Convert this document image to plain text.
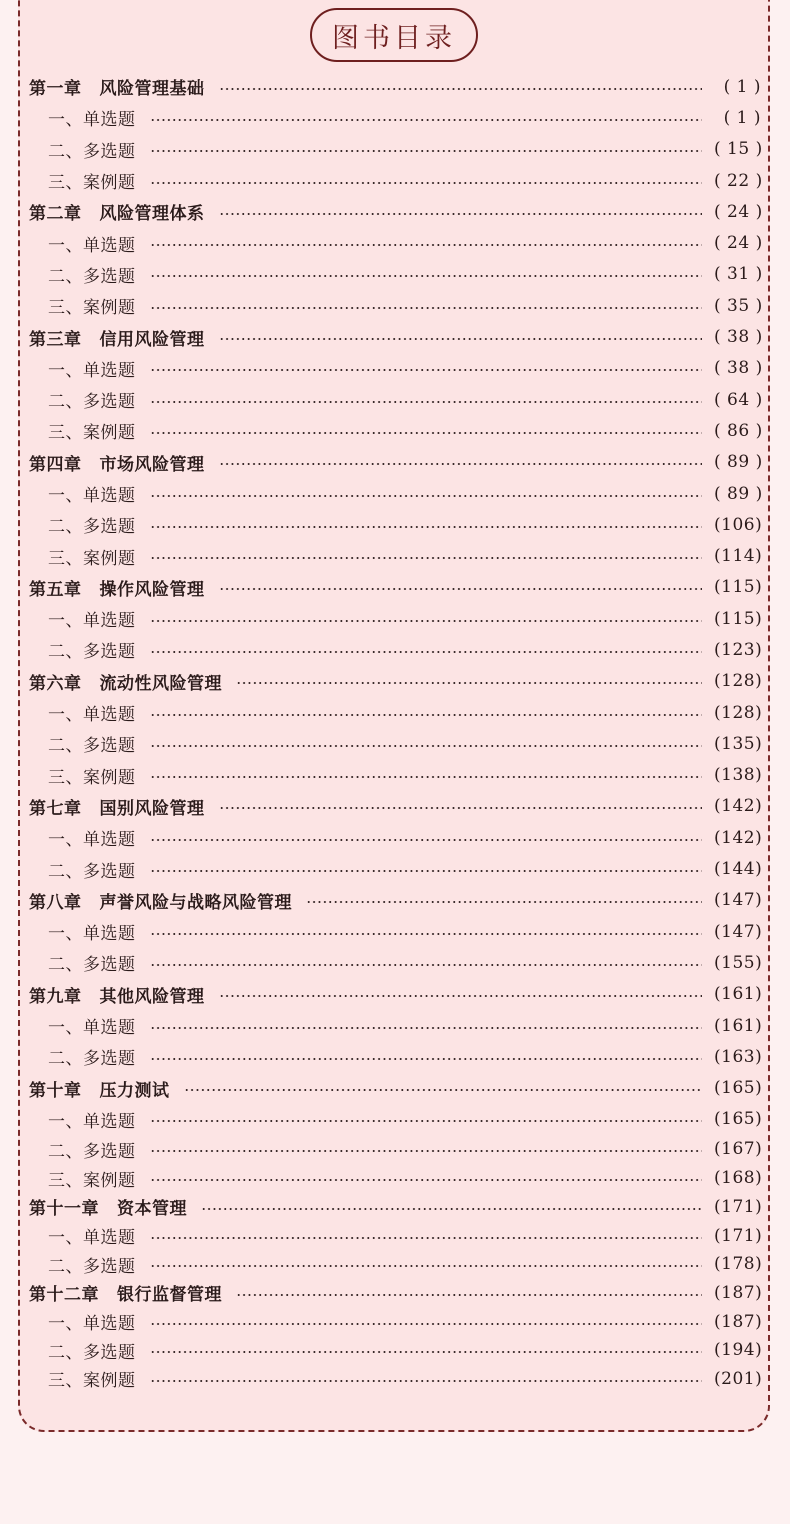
图书目录
第一章 风险管理基础	( 1 )
一、单选题	( 1 )
二、多选题	( 15 )
三、案例题	( 22 )
第二章 风险管理体系	( 24 )
一、单选题	( 24 )
二、多选题	( 31 )
三、案例题	( 35 )
第三章 信用风险管理	( 38 )
一、单选题	( 38 )
二、多选题	( 64 )
三、案例题	( 86 )
第四章 市场风险管理	( 89 )
一、单选题	( 89 )
二、多选题	(106)
三、案例题	(114)
第五章 操作风险管理	(115)
一、单选题	(115)
二、多选题	(123)
第六章 流动性风险管理	(128)
一、单选题	(128)
二、多选题	(135)
三、案例题	(138)
第七章 国别风险管理	(142)
一、单选题	(142)
二、多选题	(144)
第八章 声誉风险与战略风险管理	(147)
一、单选题	(147)
二、多选题	(155)
第九章 其他风险管理	(161)
一、单选题	(161)
二、多选题	(163)
第十章 压力测试	(165)
一、单选题	(165)
二、多选题	(167)
三、案例题	(168)
第十一章 资本管理	(171)
一、单选题	(171)
二、多选题	(178)
第十二章 银行监督管理	(187)
一、单选题	(187)
二、多选题	(194)
三、案例题	(201)
